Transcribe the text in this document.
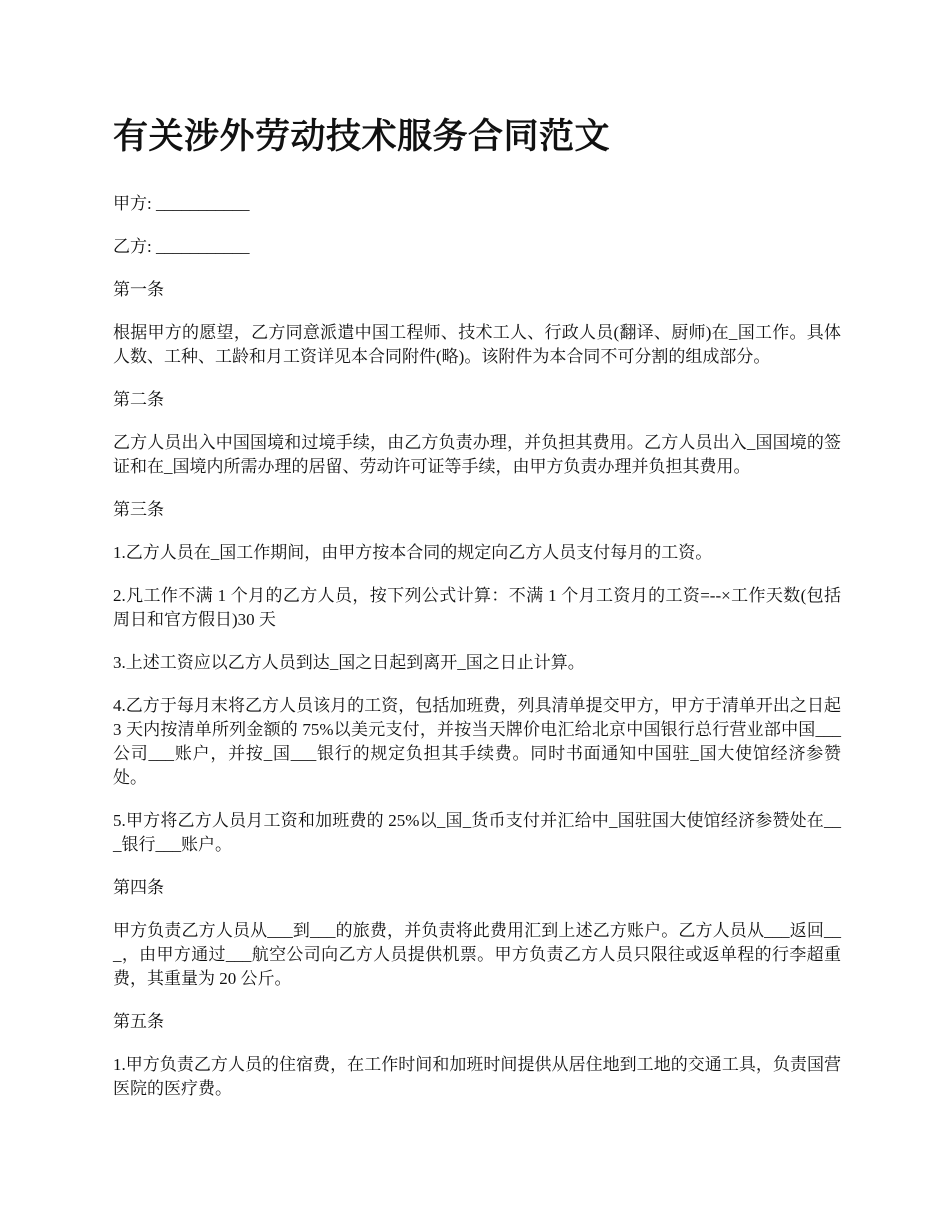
有关涉外劳动技术服务合同范文

甲方: ___________

乙方: ___________

第一条

根据甲方的愿望，乙方同意派遣中国工程师、技术工人、行政人员(翻译、厨师)在_国工作。具体人数、工种、工龄和月工资详见本合同附件(略)。该附件为本合同不可分割的组成部分。

第二条

乙方人员出入中国国境和过境手续，由乙方负责办理，并负担其费用。乙方人员出入_国国境的签证和在_国境内所需办理的居留、劳动许可证等手续，由甲方负责办理并负担其费用。

第三条

1.乙方人员在_国工作期间，由甲方按本合同的规定向乙方人员支付每月的工资。

2.凡工作不满 1 个月的乙方人员，按下列公式计算：不满 1 个月工资月的工资=--×工作天数(包括周日和官方假日)30 天

3.上述工资应以乙方人员到达_国之日起到离开_国之日止计算。

4.乙方于每月末将乙方人员该月的工资，包括加班费，列具清单提交甲方，甲方于清单开出之日起 3 天内按清单所列金额的 75%以美元支付，并按当天牌价电汇给北京中国银行总行营业部中国___公司___账户，并按_国___银行的规定负担其手续费。同时书面通知中国驻_国大使馆经济参赞处。

5.甲方将乙方人员月工资和加班费的 25%以_国_货币支付并汇给中_国驻国大使馆经济参赞处在___银行___账户。

第四条

甲方负责乙方人员从___到___的旅费，并负责将此费用汇到上述乙方账户。乙方人员从___返回___，由甲方通过___航空公司向乙方人员提供机票。甲方负责乙方人员只限往或返单程的行李超重费，其重量为 20 公斤。

第五条

1.甲方负责乙方人员的住宿费，在工作时间和加班时间提供从居住地到工地的交通工具，负责国营医院的医疗费。
